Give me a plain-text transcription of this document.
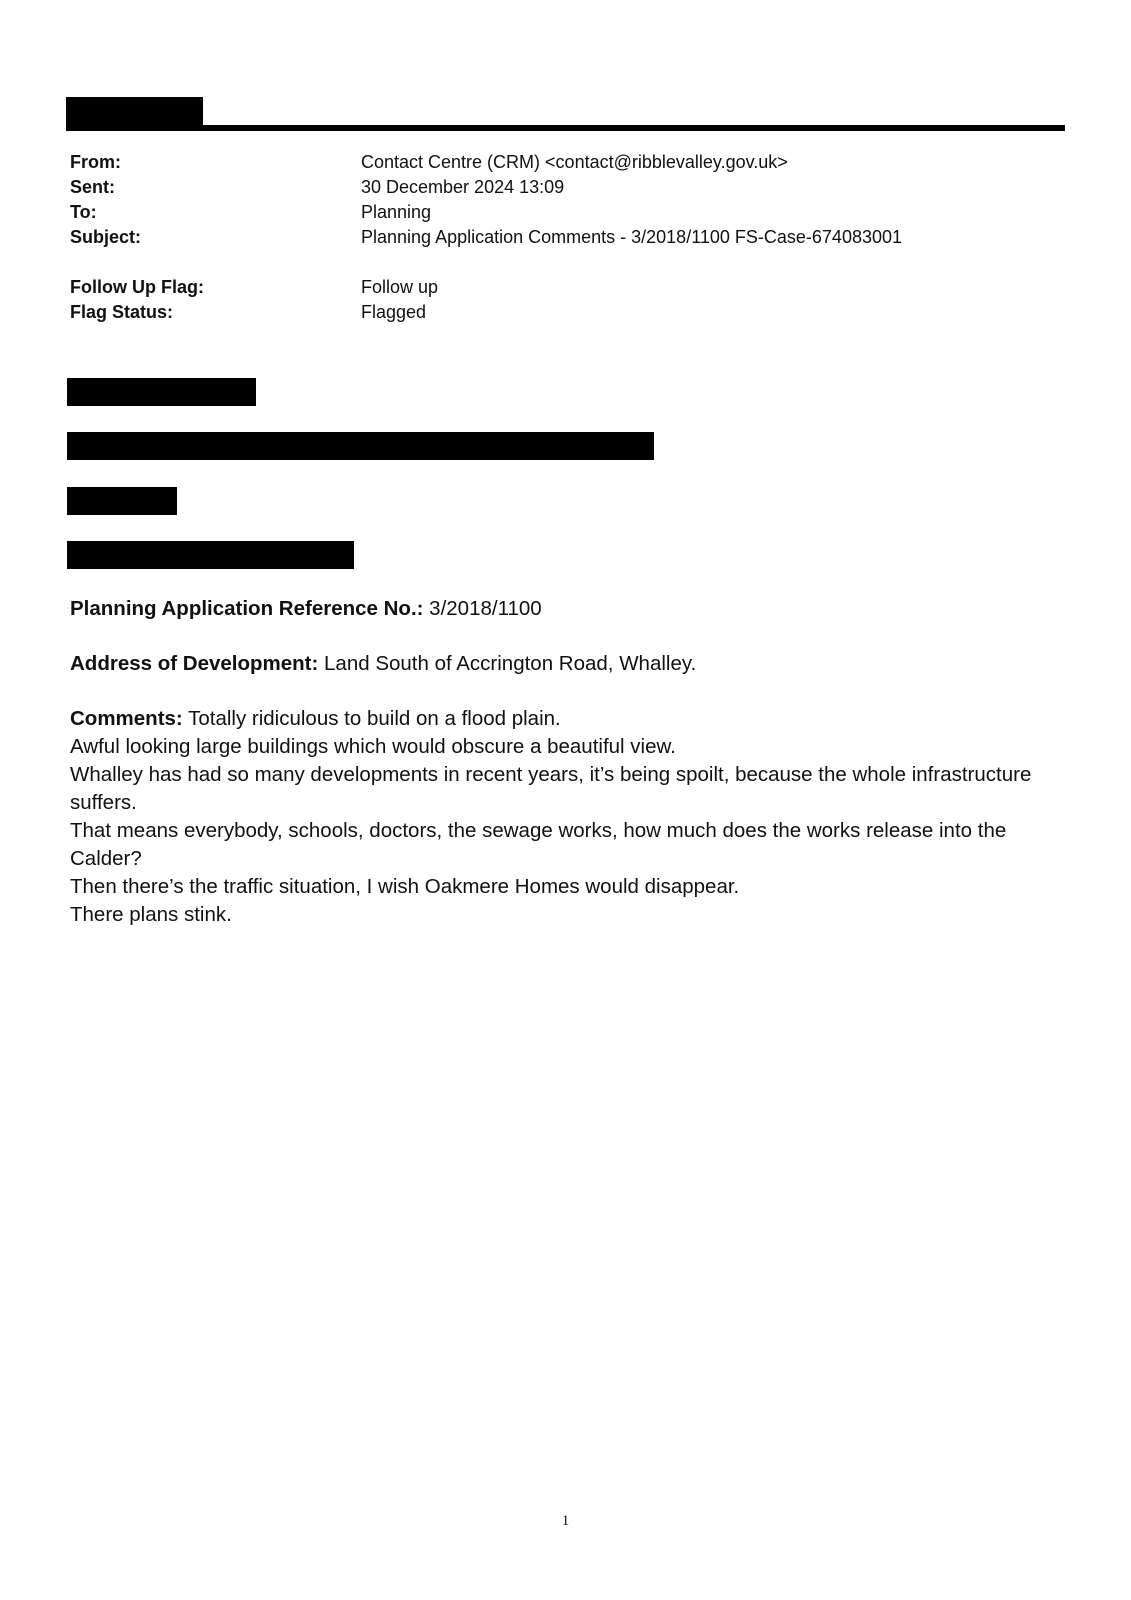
From:	Contact Centre (CRM) <contact@ribblevalley.gov.uk>
Sent:	30 December 2024 13:09
To:	Planning
Subject:	Planning Application Comments - 3/2018/1100 FS-Case-674083001
Follow Up Flag:	Follow up
Flag Status:	Flagged

Planning Application Reference No.: 3/2018/1100

Address of Development: Land South of Accrington Road, Whalley.

Comments: Totally ridiculous to build on a flood plain.
Awful looking large buildings which would obscure a beautiful view.
Whalley has had so many developments in recent years, it’s being spoilt, because the whole infrastructure suffers.
That means everybody, schools, doctors, the sewage works, how much does the works release into the Calder?
Then there’s the traffic situation, I wish Oakmere Homes would disappear.
There plans stink.
1
